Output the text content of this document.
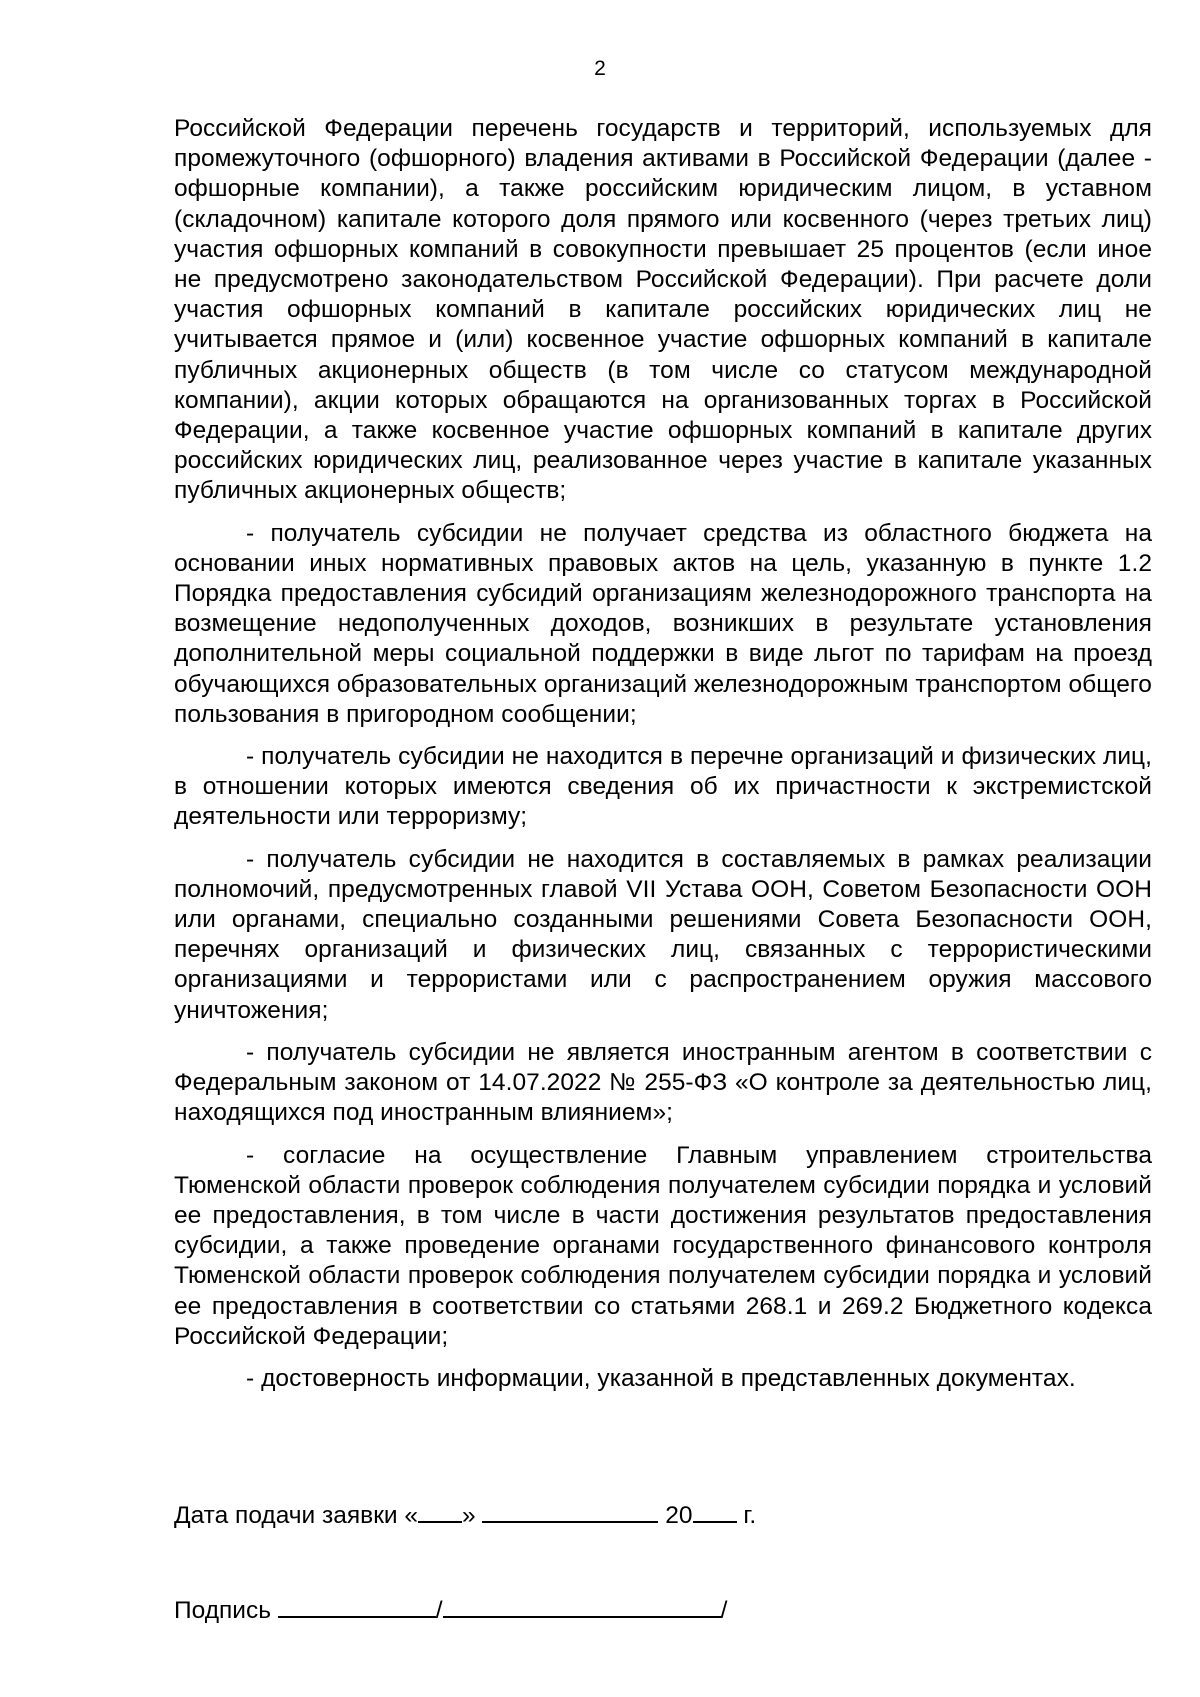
2

Российской Федерации перечень государств и территорий, используемых для промежуточного (офшорного) владения активами в Российской Федерации (далее - офшорные компании), а также российским юридическим лицом, в уставном (складочном) капитале которого доля прямого или косвенного (через третьих лиц) участия офшорных компаний в совокупности превышает 25 процентов (если иное не предусмотрено законодательством Российской Федерации). При расчете доли участия офшорных компаний в капитале российских юридических лиц не учитывается прямое и (или) косвенное участие офшорных компаний в капитале публичных акционерных обществ (в том числе со статусом международной компании), акции которых обращаются на организованных торгах в Российской Федерации, а также косвенное участие офшорных компаний в капитале других российских юридических лиц, реализованное через участие в капитале указанных публичных акционерных обществ;

- получатель субсидии не получает средства из областного бюджета на основании иных нормативных правовых актов на цель, указанную в пункте 1.2 Порядка предоставления субсидий организациям железнодорожного транспорта на возмещение недополученных доходов, возникших в результате установления дополнительной меры социальной поддержки в виде льгот по тарифам на проезд обучающихся образовательных организаций железнодорожным транспортом общего пользования в пригородном сообщении;

- получатель субсидии не находится в перечне организаций и физических лиц, в отношении которых имеются сведения об их причастности к экстремистской деятельности или терроризму;

- получатель субсидии не находится в составляемых в рамках реализации полномочий, предусмотренных главой VII Устава ООН, Советом Безопасности ООН или органами, специально созданными решениями Совета Безопасности ООН, перечнях организаций и физических лиц, связанных с террористическими организациями и террористами или с распространением оружия массового уничтожения;

- получатель субсидии не является иностранным агентом в соответствии с Федеральным законом от 14.07.2022 № 255-ФЗ «О контроле за деятельностью лиц, находящихся под иностранным влиянием»;

- согласие на осуществление Главным управлением строительства Тюменской области проверок соблюдения получателем субсидии порядка и условий ее предоставления, в том числе в части достижения результатов предоставления субсидии, а также проведение органами государственного финансового контроля Тюменской области проверок соблюдения получателем субсидии порядка и условий ее предоставления в соответствии со статьями 268.1 и 269.2 Бюджетного кодекса Российской Федерации;

- достоверность информации, указанной в представленных документах.

Дата подачи заявки « »	20 г.
Подпись	/	/
